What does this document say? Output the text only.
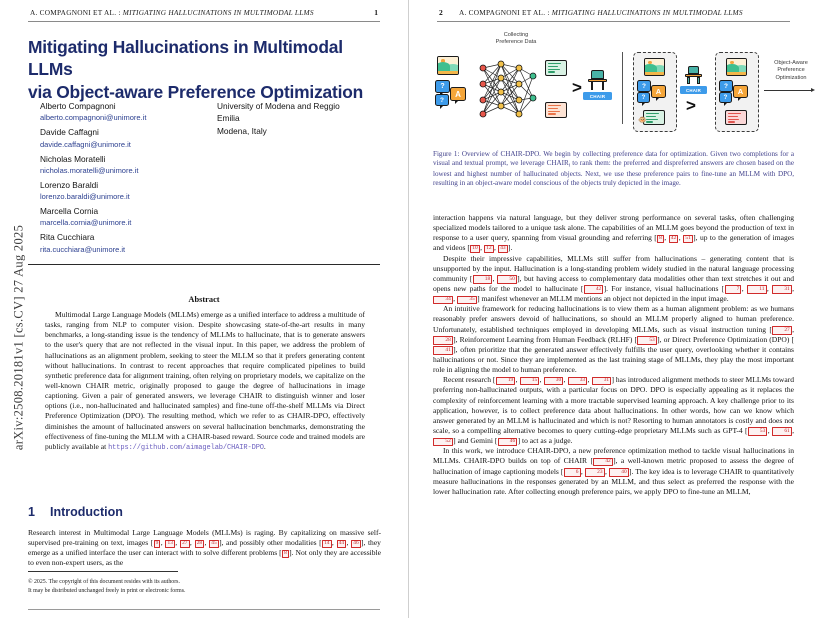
A. COMPAGNONI ET AL. : MITIGATING HALLUCINATIONS IN MULTIMODAL LLMS	1
arXiv:2508.20181v1 [cs.CV] 27 Aug 2025
Mitigating Hallucinations in Multimodal LLMs
via Object-aware Preference Optimization
Alberto Compagnoni
alberto.compagnoni@unimore.it
Davide Caffagni
davide.caffagni@unimore.it
Nicholas Moratelli
nicholas.moratelli@unimore.it
Lorenzo Baraldi
lorenzo.baraldi@unimore.it
Marcella Cornia
marcella.cornia@unimore.it
Rita Cucchiara
rita.cucchiara@unimore.it
University of Modena and Reggio
Emilia
Modena, Italy
Abstract
Multimodal Large Language Models (MLLMs) emerge as a unified interface to address a multitude of tasks, ranging from NLP to computer vision. Despite showcasing state-of-the-art results in many benchmarks, a long-standing issue is the tendency of MLLMs to hallucinate, that is to generate answers to the user's query that are not reflected in the visual input. In this paper, we address the problem of hallucinations as an alignment problem, seeking to steer the MLLM so that it prefers generating content without hallucinations. In contrast to recent approaches that require complicated pipelines to build synthetic preference data for alignment training, often relying on proprietary models, we capitalize on the well-known CHAIR metric, originally proposed to gauge the degree of hallucinations in image captioning. Given a pair of generated answers, we leverage CHAIR to distinguish winner and loser options (i.e., non-hallucinated and hallucinated samples) and fine-tune off-the-shelf MLLMs via Direct Preference Optimization (DPO). The resulting method, which we refer to as CHAIR-DPO, effectively diminishes the amount of hallucinated answers on several hallucination benchmarks, demonstrating the effectiveness of fine-tuning the MLLM with a CHAIR-based reward. Source code and trained models are publicly available at https://github.com/aimagelab/CHAIR-DPO.
1 Introduction
Research interest in Multimodal Large Language Models (MLLMs) is raging. By capitalizing on massive self-supervised pre-training on text, images [ 9 , 13 , 27 , 28 , 45 ], and possibly other modalities [ 14 , 44 , 46 ], they emerge as a unified interface the user can interact with to solve different problems [ 8 ]. Not only they are accessible to even non-expert users, as the
© 2025. The copyright of this document resides with its authors.
It may be distributed unchanged freely in print or electronic forms.
2 A. COMPAGNONI ET AL. : MITIGATING HALLUCINATIONS IN MULTIMODAL LLMS
Collecting
Preference Data
?
A
?
> CHAIR
?
A
?
🐵
CHAIR
>
?
A
?
Object-Aware
Preference
Optimization
Figure 1: Overview of CHAIR-DPO. We begin by collecting preference data for optimization. Given two completions for a visual and textual prompt, we leverage $CHAIR_i$ to rank them: the preferred and dispreferred answers are chosen based on the lowest and highest number of hallucinated objects. Next, we use these preference pairs to fine-tune an MLLM with DPO, resulting in an object-aware model conscious of the objects truly depicted in the image.

interaction happens via natural language, but they deliver strong performance on several tasks, often challenging specialized models tailored to a unique task alone. The capabilities of an MLLM goes beyond the production of text in response to a user query, spanning from visual grounding and referring [ 8 , 42 , 51 ], up to the generation of images and videos [ 10 , 12 , 43 ].

Despite their impressive capabilities, MLLMs still suffer from hallucinations – generating content that is unsupported by the input. Hallucination is a long-standing problem widely studied in the natural language processing community [ 18 , 50 ], but having access to complementary data modalities other than text stretches it out and opens new paths for the model to hallucinate [ 42 ]. For instance, visual hallucinations [ 7 , 11 , 31 , 34 , 35 ] manifest whenever an MLLM mentions an object not depicted in the input image.

An intuitive framework for reducing hallucinations is to view them as a human alignment problem: as we humans reasonably prefer answers devoid of hallucinations, so should an MLLM properly aligned to human preference. Unfortunately, established techniques employed in developing MLLMs, such as visual instruction tuning [ 27 , 28 ], Reinforcement Learning from Human Feedback (RLHF) [ 53 ], or Direct Preference Optimization (DPO) [41 ], often prioritize that the generated answer effectively fulfills the user query, overlooking whether it contains hallucinations or not. Since they are implemented as the last training stage of MLLMs, they play the most important role in aligning the model to human preference.

Recent research [ 19 , 15 , 30 , 33 , 31 ] has introduced alignment methods to steer MLLMs toward preferring non-hallucinated outputs, with a particular focus on DPO. DPO is especially appealing as it replaces the complexity of reinforcement learning with a more tractable supervised learning approach. A key challenge prior to its application, however, is to collect preference data about hallucinations. In other words, how can we know which answer generated by an MLLM is hallucinated and which is not? Resorting to human annotators is costly and does not scale, so a compelling alternative becomes to query cutting-edge proprietary MLLMs such as GPT-4 [ 53 , 61 , 52 ] and Gemini [ 46 ] to act as a judge.

In this work, we introduce CHAIR-DPO, a new preference optimization method to tackle visual hallucinations in MLLMs. CHAIR-DPO builds on top of CHAIR [ 42 ], a well-known metric proposed to assess the degree of hallucination of image captioning models [ 6 , 23 , 40 ]. The key idea is to leverage CHAIR to quantitatively measure hallucinations in the responses generated by an MLLM, and thus select as preferred the response with the lower hallucination rate. After collecting enough preference pairs, we apply DPO to fine-tune an MLLM,
